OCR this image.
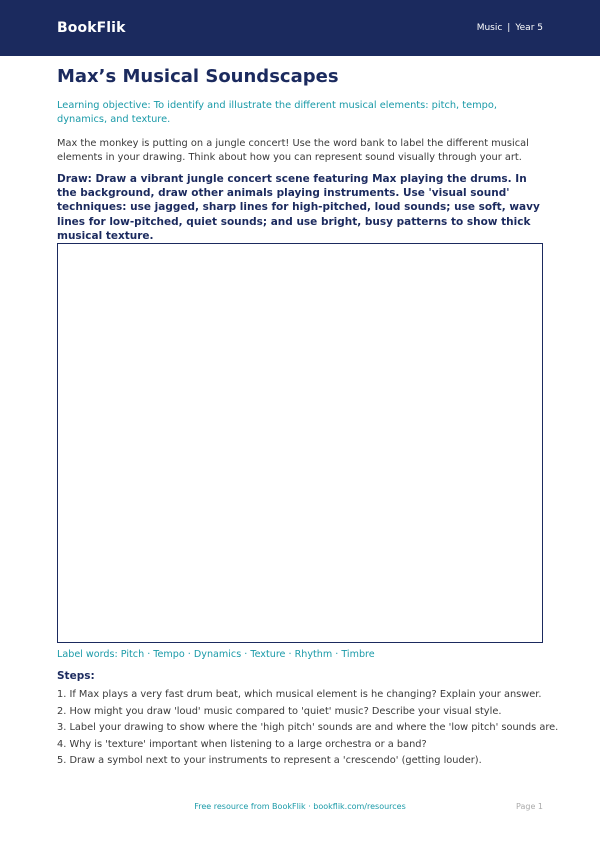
BookFlik	Music | Year 5
Max’s Musical Soundscapes

Learning objective: To identify and illustrate the different musical elements: pitch, tempo, dynamics, and texture.

Max the monkey is putting on a jungle concert! Use the word bank to label the different musical elements in your drawing. Think about how you can represent sound visually through your art.

Draw: Draw a vibrant jungle concert scene featuring Max playing the drums. In the background, draw other animals playing instruments. Use 'visual sound' techniques: use jagged, sharp lines for high-pitched, loud sounds; use soft, wavy lines for low-pitched, quiet sounds; and use bright, busy patterns to show thick musical texture.

Label words: Pitch · Tempo · Dynamics · Texture · Rhythm · Timbre

Steps:
1. If Max plays a very fast drum beat, which musical element is he changing? Explain your answer.
2. How might you draw 'loud' music compared to 'quiet' music? Describe your visual style.
3. Label your drawing to show where the 'high pitch' sounds are and where the 'low pitch' sounds are.
4. Why is 'texture' important when listening to a large orchestra or a band?
5. Draw a symbol next to your instruments to represent a 'crescendo' (getting louder).
Free resource from BookFlik · bookflik.com/resources	Page 1
